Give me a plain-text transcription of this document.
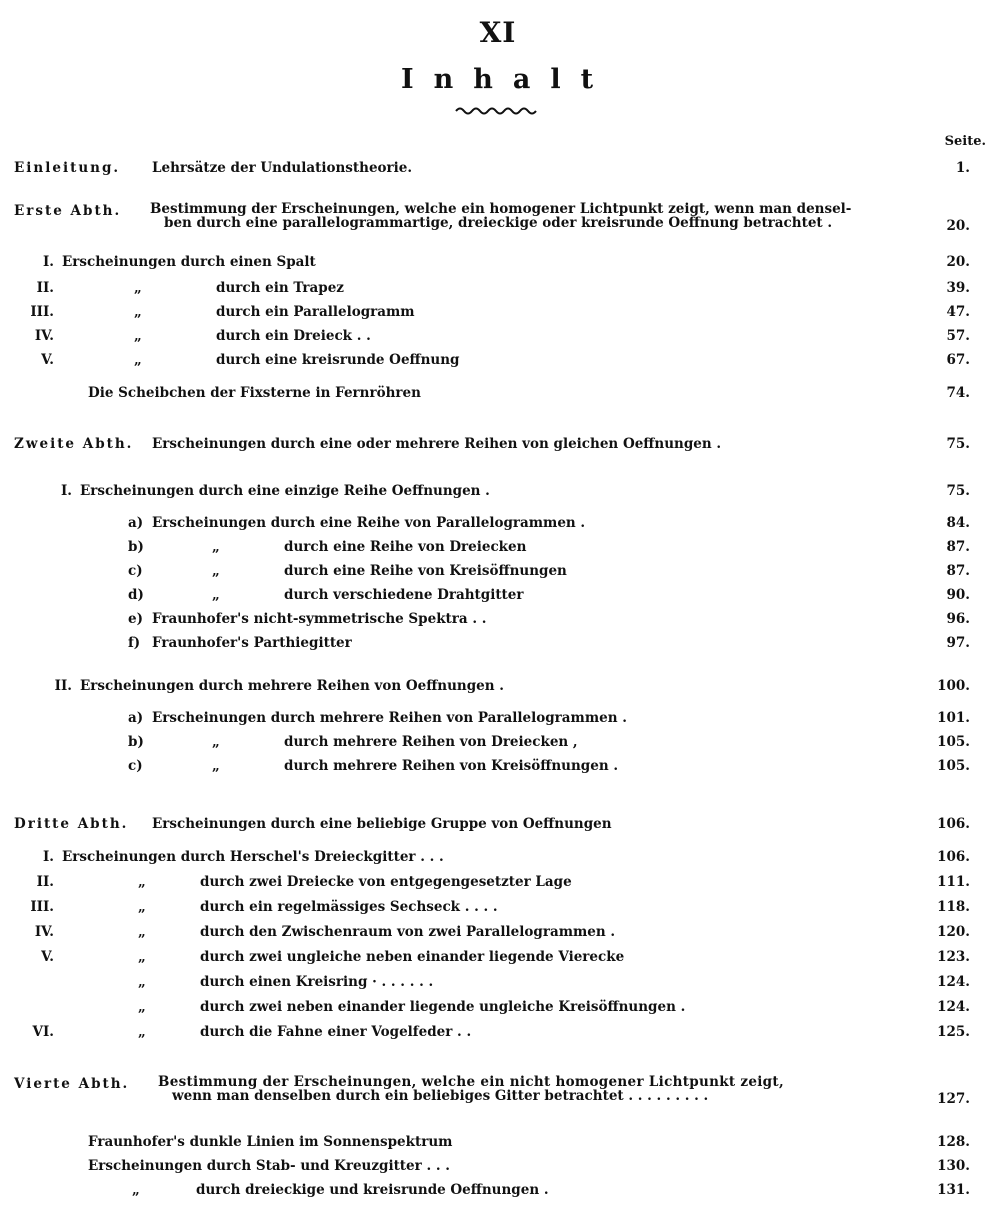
XI
Inhalt
Seite.
Einleitung. Lehrsätze der Undulationstheorie.	1.
Erste Abth. Bestimmung der Erscheinungen, welche ein homogener Lichtpunkt zeigt, wenn man densel-
ben durch eine parallelogrammartige, dreieckige oder kreisrunde Oeffnung betrachtet .	20.
I. Erscheinungen durch einen Spalt	20.
II.	„	durch ein Trapez	39.
III.	„	durch ein Parallelogramm	47.
IV.	„	durch ein Dreieck . .	57.
V.	„	durch eine kreisrunde Oeffnung	67.
Die Scheibchen der Fixsterne in Fernröhren	74.
Zweite Abth. Erscheinungen durch eine oder mehrere Reihen von gleichen Oeffnungen .	75.
I. Erscheinungen durch eine einzige Reihe Oeffnungen .	75.
a) Erscheinungen durch eine Reihe von Parallelogrammen .	84.
b)	„	durch eine Reihe von Dreiecken	87.
c)	„	durch eine Reihe von Kreisöffnungen	87.
d)	„	durch verschiedene Drahtgitter	90.
e) Fraunhofer's nicht-symmetrische Spektra . .	96.
f) Fraunhofer's Parthiegitter	97.
II. Erscheinungen durch mehrere Reihen von Oeffnungen .	100.
a) Erscheinungen durch mehrere Reihen von Parallelogrammen .	101.
b)	„	durch mehrere Reihen von Dreiecken ,	105.
c)	„	durch mehrere Reihen von Kreisöffnungen .	105.
Dritte Abth. Erscheinungen durch eine beliebige Gruppe von Oeffnungen	106.
I. Erscheinungen durch Herschel's Dreieckgitter . . .	106.
II.	„	durch zwei Dreiecke von entgegengesetzter Lage	111.
III.	„	durch ein regelmässiges Sechseck . . . .	118.
IV.	„	durch den Zwischenraum von zwei Parallelogrammen .	120.
V.	„	durch zwei ungleiche neben einander liegende Vierecke	123.
„	durch einen Kreisring · . . . . . .	124.
„	durch zwei neben einander liegende ungleiche Kreisöffnungen .	124.
VI.	„	durch die Fahne einer Vogelfeder . .	125.
Vierte Abth. Bestimmung der Erscheinungen, welche ein nicht homogener Lichtpunkt zeigt,
wenn man denselben durch ein beliebiges Gitter betrachtet . . . . . . . . .	127.
Fraunhofer's dunkle Linien im Sonnenspektrum	128.
Erscheinungen durch Stab- und Kreuzgitter . . .	130.
„	durch dreieckige und kreisrunde Oeffnungen .	131.
